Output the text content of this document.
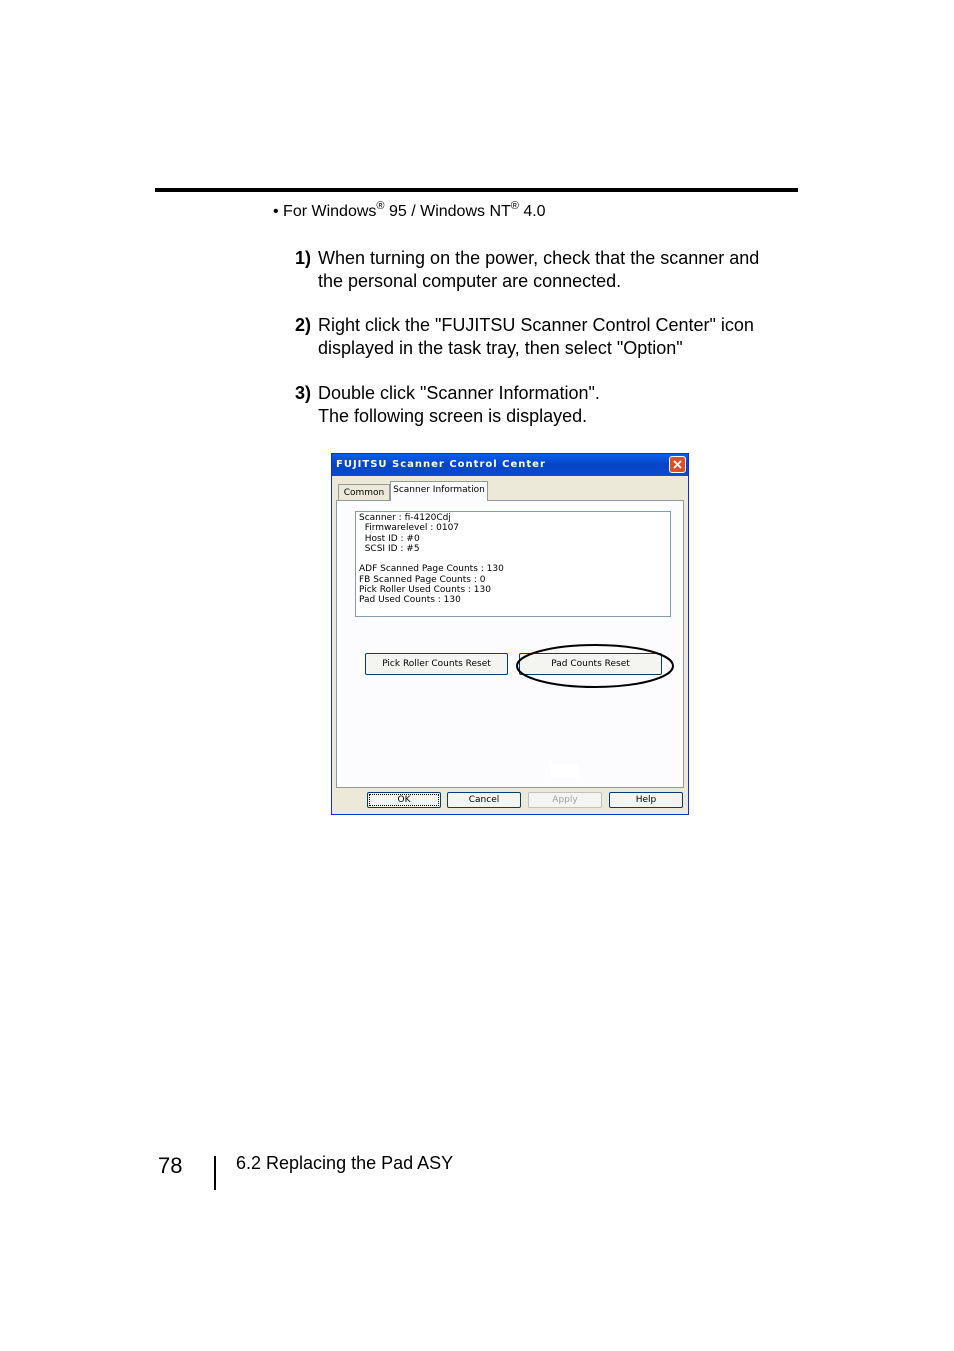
• For Windows® 95 / Windows NT® 4.0
1) When turning on the power, check that the scanner and
the personal computer are connected.
2) Right click the "FUJITSU Scanner Control Center" icon
displayed in the task tray, then select "Option"
3) Double click "Scanner Information".
The following screen is displayed.
FUJITSU Scanner Control Center
Common Scanner Information
Scanner : fi-4120Cdj
Firmwarelevel : 0107
Host ID : #0
SCSI ID : #5

ADF Scanned Page Counts : 130
FB Scanned Page Counts : 0
Pick Roller Used Counts : 130
Pad Used Counts : 130
Pick Roller Counts Reset	Pad Counts Reset
OK	Cancel	Apply	Help
78	6.2 Replacing the Pad ASY
